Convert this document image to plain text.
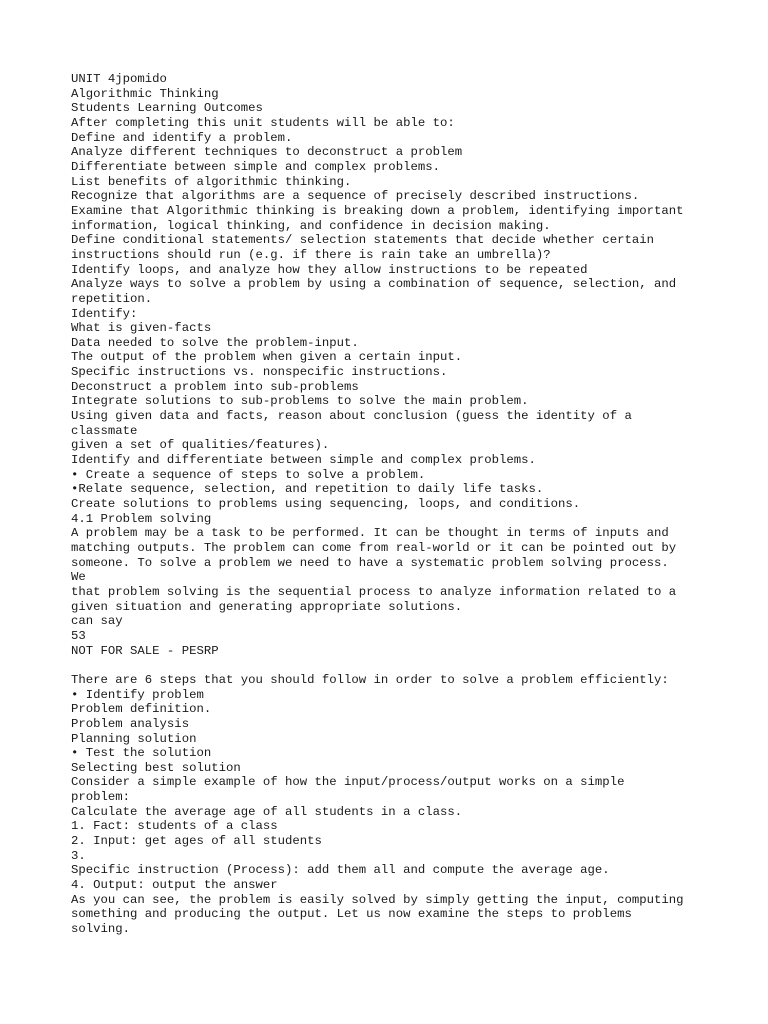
UNIT 4jpomido
Algorithmic Thinking
Students Learning Outcomes
After completing this unit students will be able to:
Define and identify a problem.
Analyze different techniques to deconstruct a problem
Differentiate between simple and complex problems.
List benefits of algorithmic thinking.
Recognize that algorithms are a sequence of precisely described instructions.
Examine that Algorithmic thinking is breaking down a problem, identifying important
information, logical thinking, and confidence in decision making.
Define conditional statements/ selection statements that decide whether certain
instructions should run (e.g. if there is rain take an umbrella)?
Identify loops, and analyze how they allow instructions to be repeated
Analyze ways to solve a problem by using a combination of sequence, selection, and
repetition.
Identify:
What is given-facts
Data needed to solve the problem-input.
The output of the problem when given a certain input.
Specific instructions vs. nonspecific instructions.
Deconstruct a problem into sub-problems
Integrate solutions to sub-problems to solve the main problem.
Using given data and facts, reason about conclusion (guess the identity of a
classmate
given a set of qualities/features).
Identify and differentiate between simple and complex problems.
• Create a sequence of steps to solve a problem.
•Relate sequence, selection, and repetition to daily life tasks.
Create solutions to problems using sequencing, loops, and conditions.
4.1 Problem solving
A problem may be a task to be performed. It can be thought in terms of inputs and
matching outputs. The problem can come from real-world or it can be pointed out by
someone. To solve a problem we need to have a systematic problem solving process.
We
that problem solving is the sequential process to analyze information related to a
given situation and generating appropriate solutions.
can say
53
NOT FOR SALE - PESRP
There are 6 steps that you should follow in order to solve a problem efficiently:
• Identify problem
Problem definition.
Problem analysis
Planning solution
• Test the solution
Selecting best solution
Consider a simple example of how the input/process/output works on a simple
problem:
Calculate the average age of all students in a class.
1. Fact: students of a class
2. Input: get ages of all students
3.
Specific instruction (Process): add them all and compute the average age.
4. Output: output the answer
As you can see, the problem is easily solved by simply getting the input, computing
something and producing the output. Let us now examine the steps to problems
solving.
